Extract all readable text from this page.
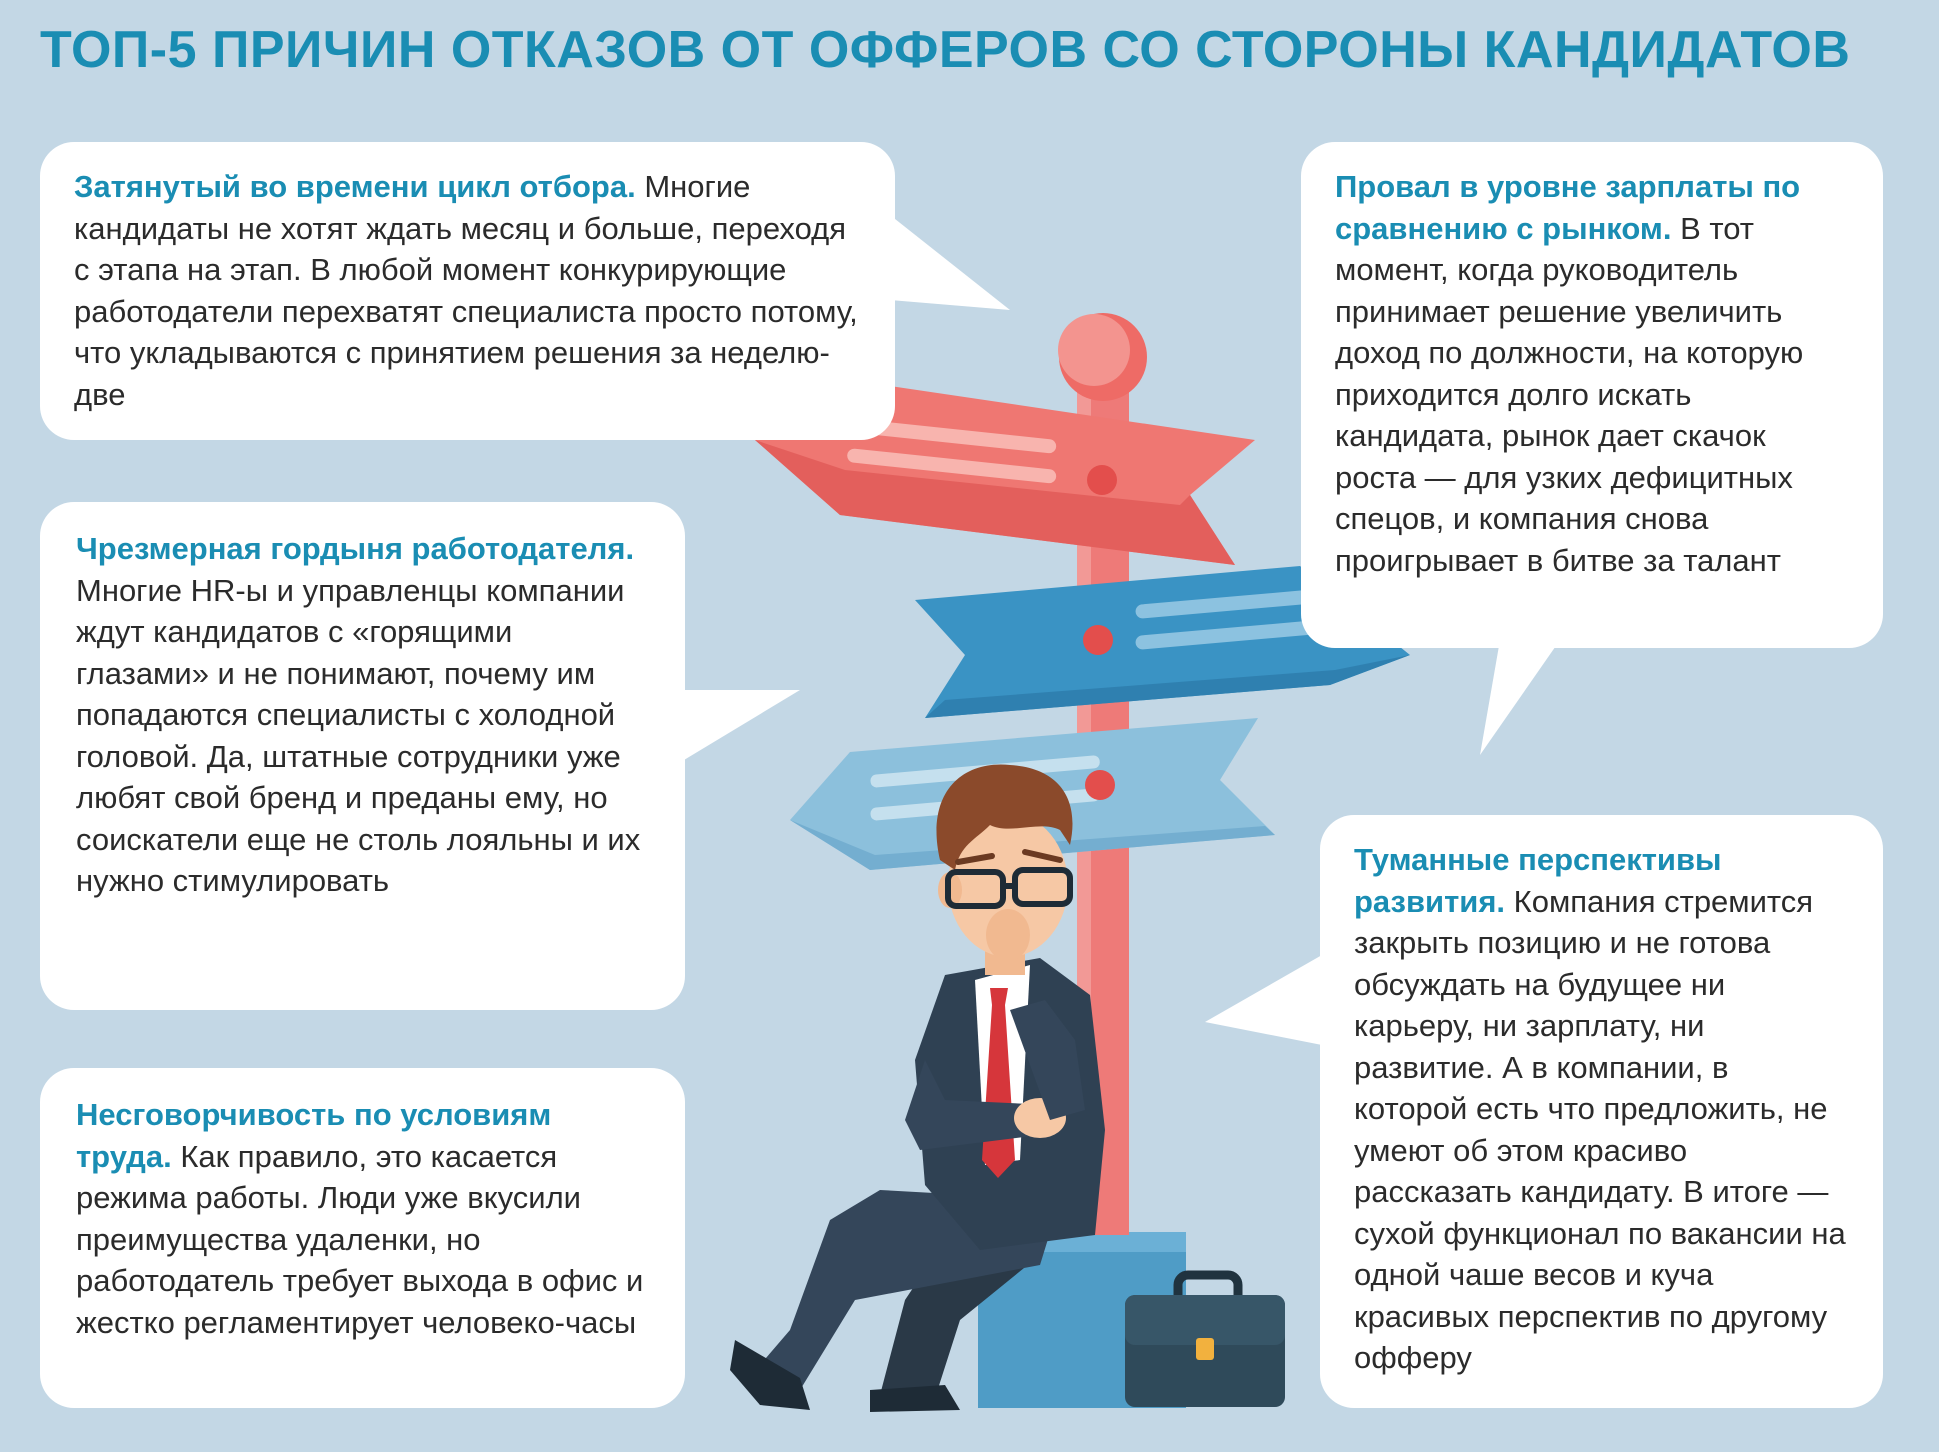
ТОП-5 ПРИЧИН ОТКАЗОВ ОТ ОФФЕРОВ СО СТОРОНЫ КАНДИДАТОВ
Затянутый во времени цикл отбора. Многие кандидаты не хотят ждать месяц и больше, переходя с этапа на этап. В любой момент конкурирующие работодатели перехватят специалиста просто потому, что укладываются с принятием решения за неделю-две
Провал в уровне зарплаты по сравнению с рынком. В тот момент, когда руководитель принимает решение увеличить доход по должности, на которую приходится долго искать кандидата, рынок дает скачок роста — для узких дефицитных спецов, и компания снова проигрывает в битве за талант
Чрезмерная гордыня работодателя. Многие HR-ы и управленцы компании ждут кандидатов с «горящими глазами» и не понимают, почему им попадаются специалисты с холодной головой. Да, штатные сотрудники уже любят свой бренд и преданы ему, но соискатели еще не столь лояльны и их нужно стимулировать
Туманные перспективы развития. Компания стремится закрыть позицию и не готова обсуждать на будущее ни карьеру, ни зарплату, ни развитие. А в компании, в которой есть что предложить, не умеют об этом красиво рассказать кандидату. В итоге — сухой функционал по вакансии на одной чаше весов и куча красивых перспектив по другому офферу
Несговорчивость по условиям труда. Как правило, это касается режима работы. Люди уже вкусили преимущества удаленки, но работодатель требует выхода в офис и жестко регламентирует человеко-часы
